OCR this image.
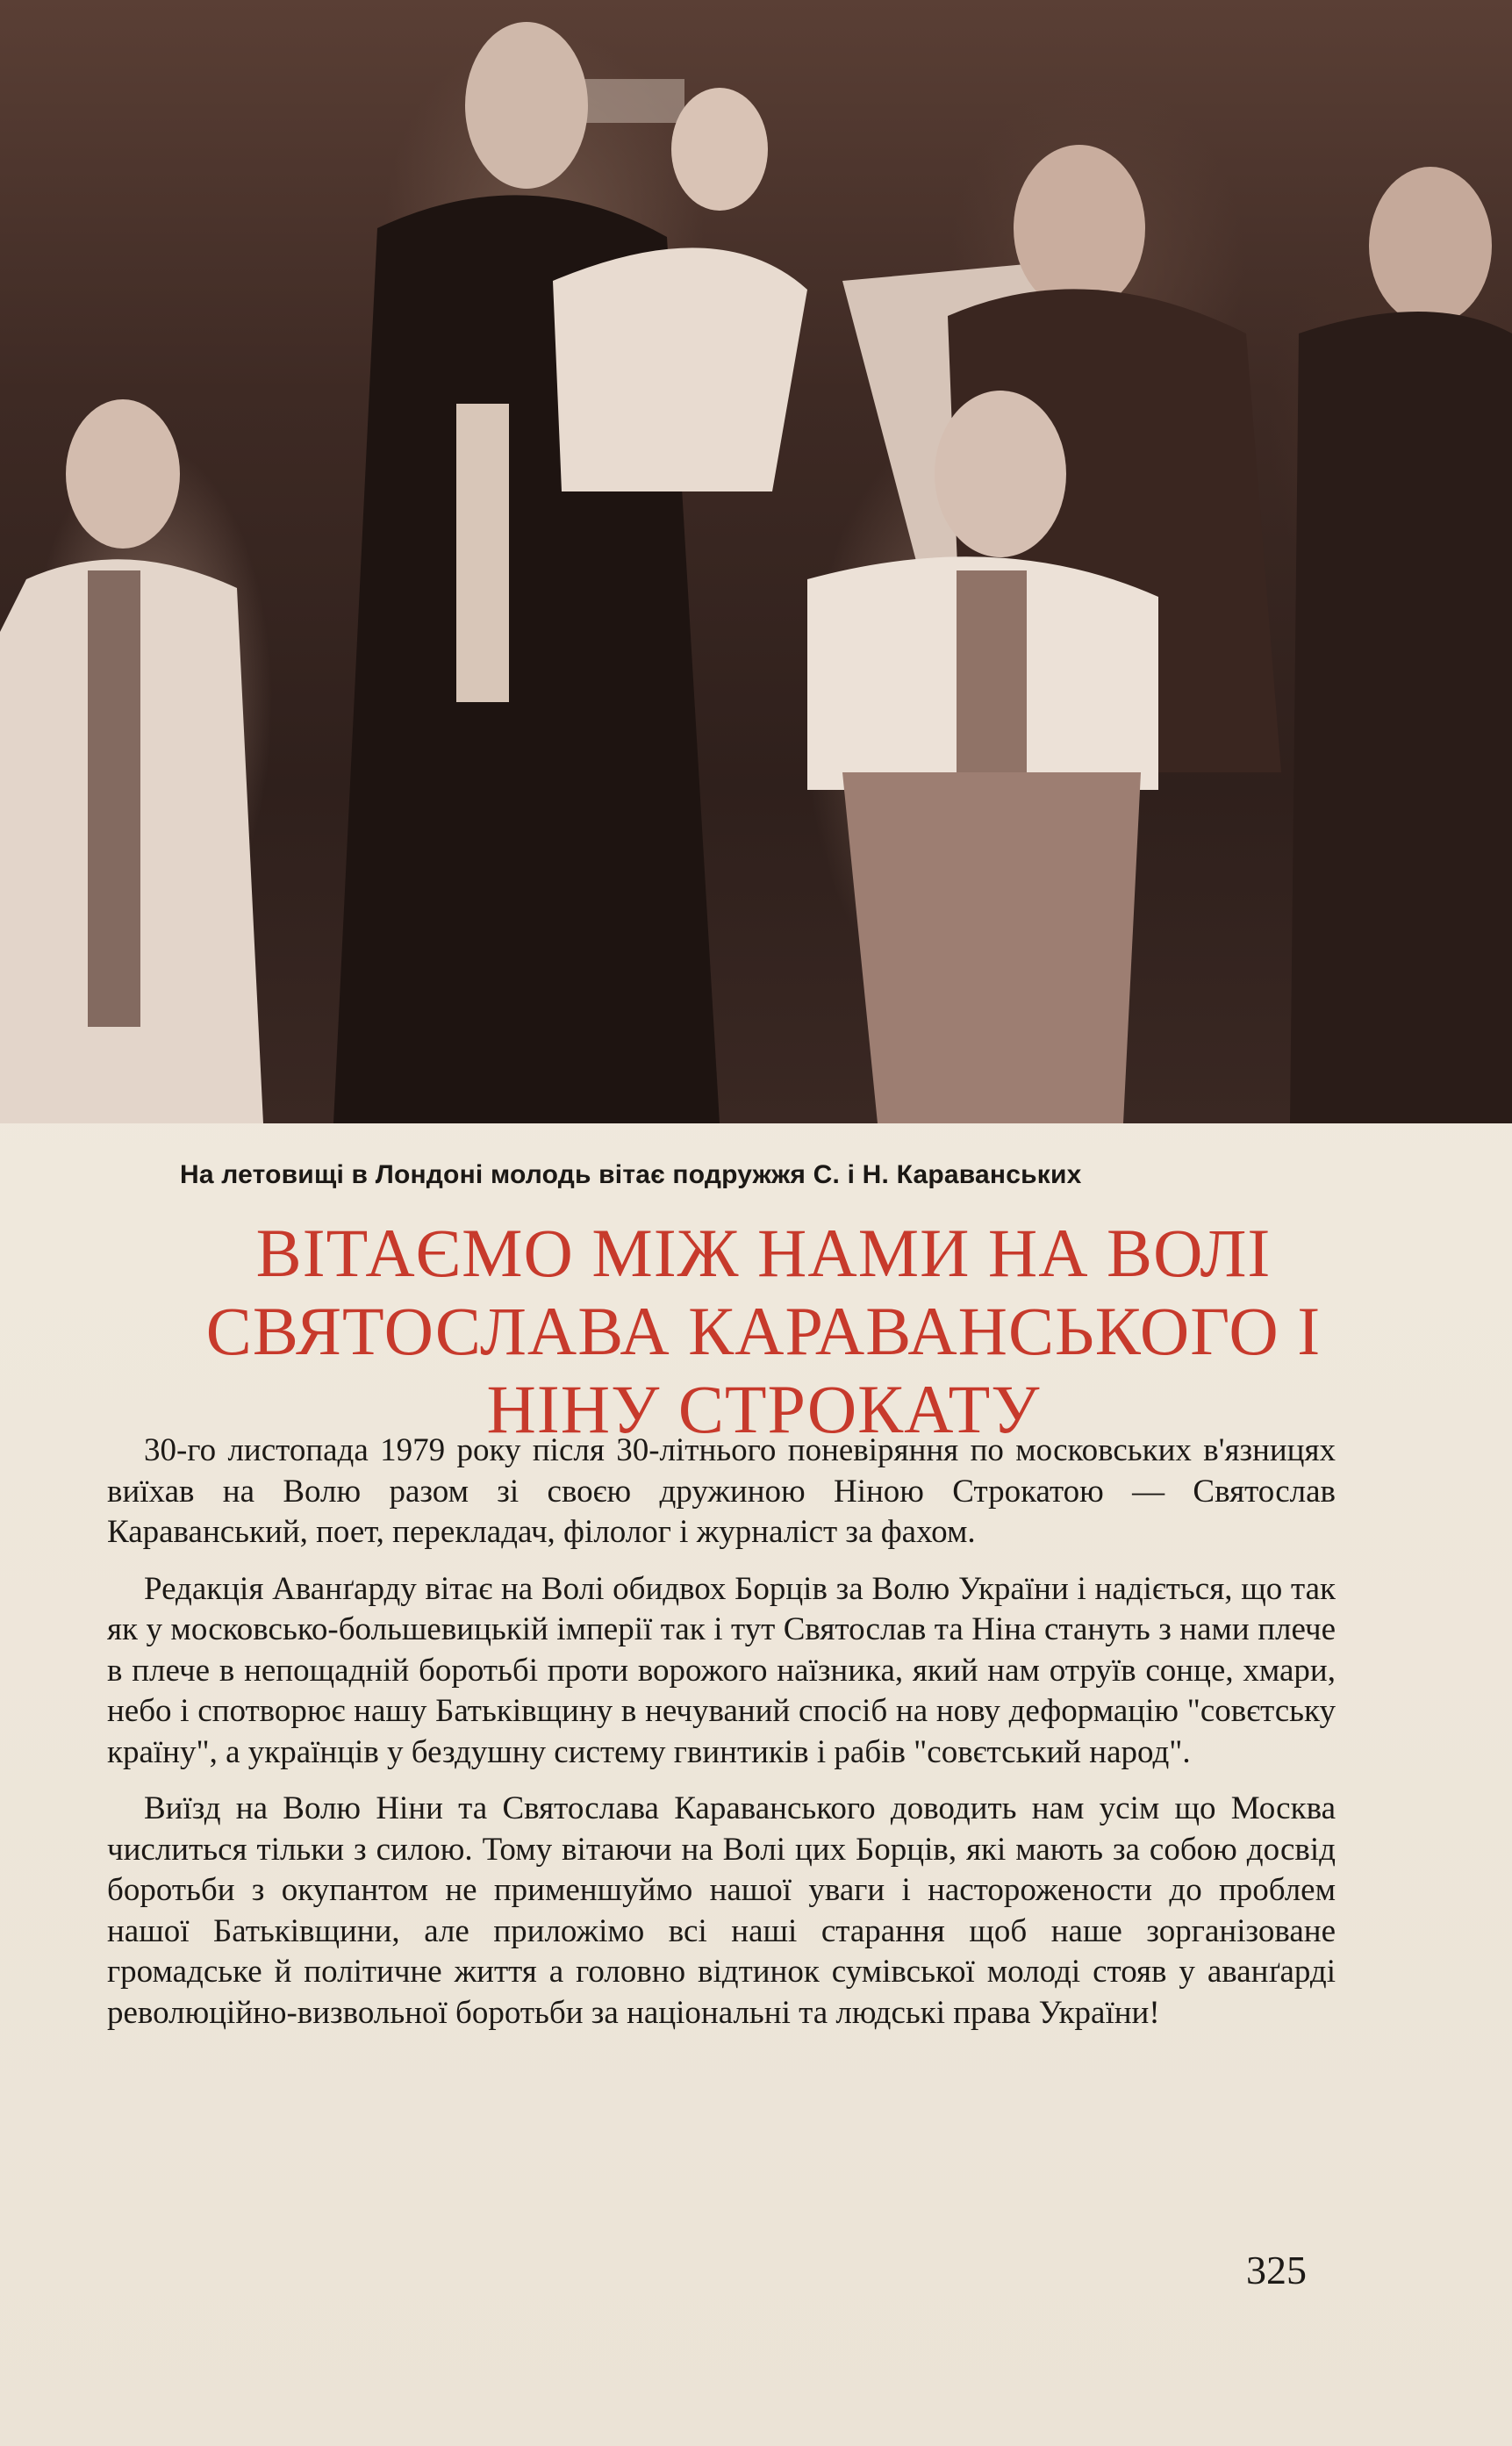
На летовищі в Лондоні молодь вітає подружжя С. і Н. Караванських
ВІТАЄМО МІЖ НАМИ НА ВОЛІ
СВЯТОСЛАВА КАРАВАНСЬКОГО І
НІНУ СТРОКАТУ

30-го листопада 1979 року після 30-літнього поневіряння по московських в'язницях виїхав на Волю разом зі своєю дружиною Ніною Строкатою — Святослав Караванський, поет, перекладач, філолог і журналіст за фахом.

Редакція Аванґарду вітає на Волі обидвох Борців за Волю України і надіється, що так як у московсько-большевицькій імперії так і тут Святослав та Ніна стануть з нами плече в плече в непощадній боротьбі проти ворожого наїзника, який нам отруїв сонце, хмари, небо і спотворює нашу Батьківщину в нечуваний спосіб на нову деформацію "совєтську країну", а українців у бездушну систему гвинтиків і рабів "совєтський народ".

Виїзд на Волю Ніни та Святослава Караванського доводить нам усім що Москва числиться тільки з силою. Тому вітаючи на Волі цих Борців, які мають за собою досвід боротьби з окупантом не применшуймо нашої уваги і насторожености до проблем нашої Батьківщини, але приложімо всі наші старання щоб наше зорганізоване громадське й політичне життя а головно відтинок сумівської молоді стояв у аванґарді революційно-визвольної боротьби за національні та людські права України!

325
